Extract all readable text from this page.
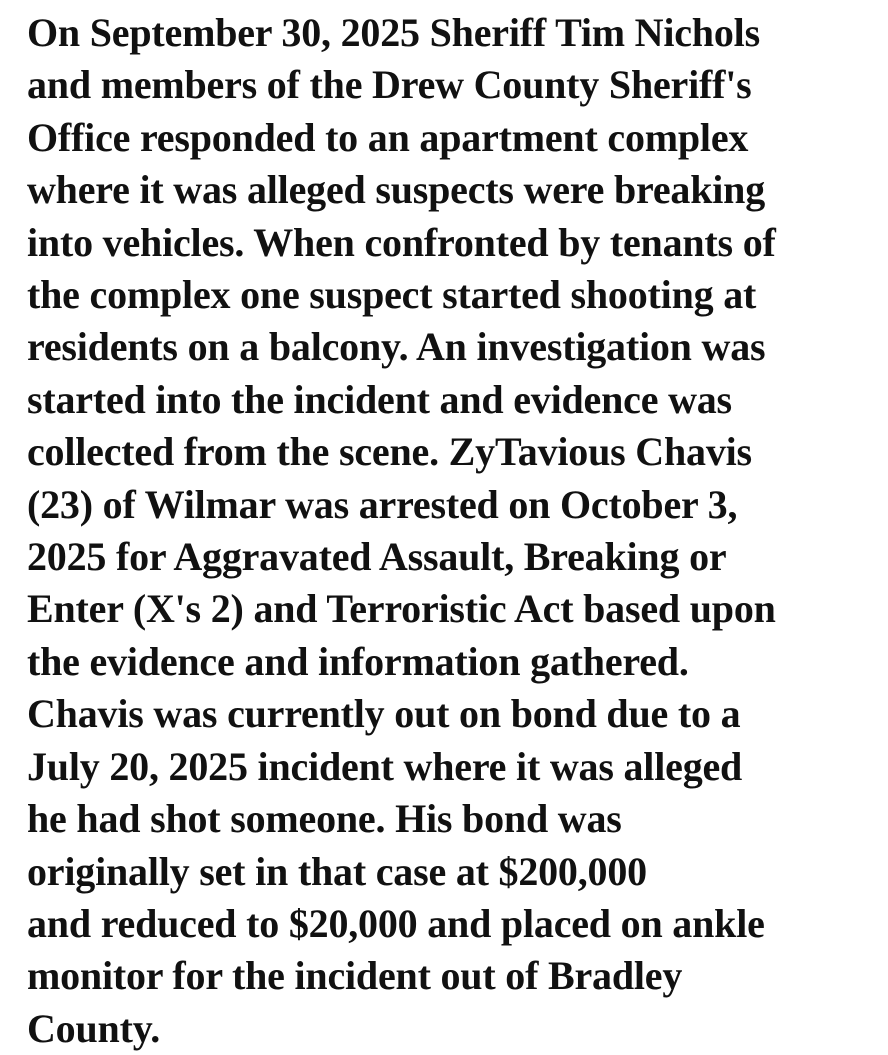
On September 30, 2025 Sheriff Tim Nichols
and members of the Drew County Sheriff's
Office responded to an apartment complex
where it was alleged suspects were breaking
into vehicles. When confronted by tenants of
the complex one suspect started shooting at
residents on a balcony. An investigation was
started into the incident and evidence was
collected from the scene. ZyTavious Chavis
(23) of Wilmar was arrested on October 3,
2025 for Aggravated Assault, Breaking or
Enter (X's 2) and Terroristic Act based upon
the evidence and information gathered.
Chavis was currently out on bond due to a
July 20, 2025 incident where it was alleged
he had shot someone. His bond was
originally set in that case at $200,000
and reduced to $20,000 and placed on ankle
monitor for the incident out of Bradley
County.
